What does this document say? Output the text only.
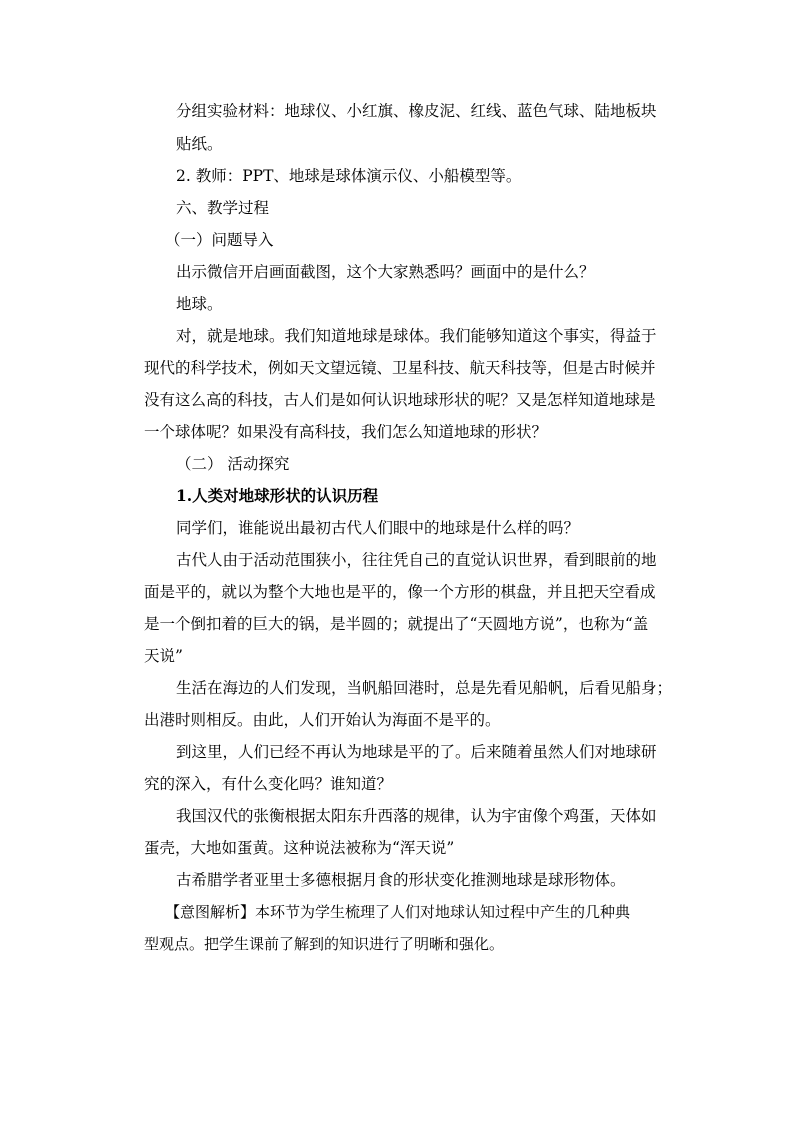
分组实验材料：地球仪、小红旗、橡皮泥、红线、蓝色气球、陆地板块
贴纸。
2. 教师：PPT、地球是球体演示仪、小船模型等。
六、教学过程
（一）问题导入
出示微信开启画面截图，这个大家熟悉吗？画面中的是什么？
地球。
对，就是地球。我们知道地球是球体。我们能够知道这个事实，得益于
现代的科学技术，例如天文望远镜、卫星科技、航天科技等，但是古时候并
没有这么高的科技，古人们是如何认识地球形状的呢？又是怎样知道地球是
一个球体呢？如果没有高科技，我们怎么知道地球的形状？
（二） 活动探究
1.人类对地球形状的认识历程
同学们，谁能说出最初古代人们眼中的地球是什么样的吗？
古代人由于活动范围狭小，往往凭自己的直觉认识世界，看到眼前的地
面是平的，就以为整个大地也是平的，像一个方形的棋盘，并且把天空看成
是一个倒扣着的巨大的锅，是半圆的；就提出了“天圆地方说”，也称为“盖
天说”
生活在海边的人们发现，当帆船回港时，总是先看见船帆，后看见船身；
出港时则相反。由此，人们开始认为海面不是平的。
到这里，人们已经不再认为地球是平的了。后来随着虽然人们对地球研
究的深入，有什么变化吗？谁知道？
我国汉代的张衡根据太阳东升西落的规律，认为宇宙像个鸡蛋，天体如
蛋壳，大地如蛋黄。这种说法被称为“浑天说”
古希腊学者亚里士多德根据月食的形状变化推测地球是球形物体。
【意图解析】本环节为学生梳理了人们对地球认知过程中产生的几种典
型观点。把学生课前了解到的知识进行了明晰和强化。
